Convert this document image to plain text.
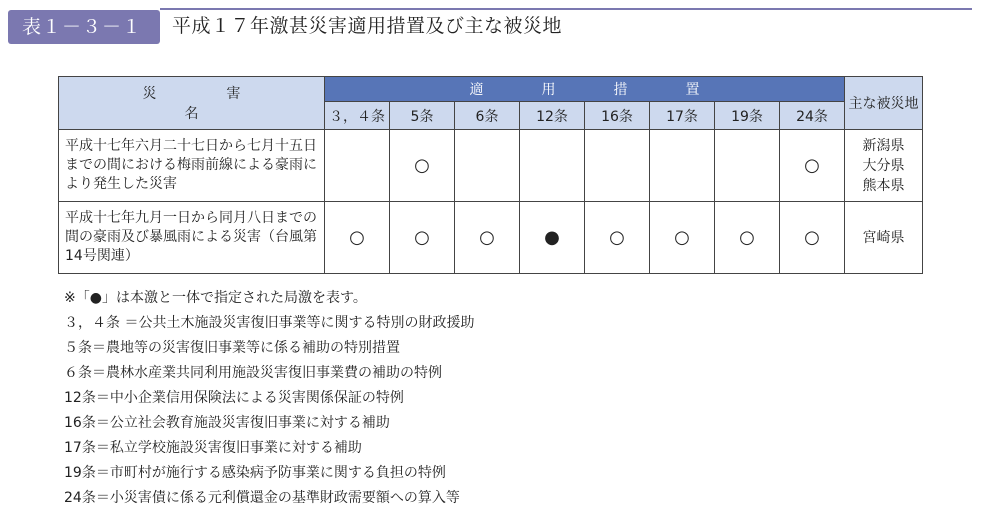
表１－３－１	平成１７年激甚災害適用措置及び主な被災地
災害名	適用措置								主な被災地
	３，４条	5条	6条	12条	16条	17条	19条	24条	
平成十七年六月二十七日から七月十五日までの間における梅雨前線による豪雨により発生した災害		○						○	新潟県
大分県
熊本県
平成十七年九月一日から同月八日までの間の豪雨及び暴風雨による災害（台風第14号関連）	○	○	○	●	○	○	○	○	宮崎県
※「●」は本激と一体で指定された局激を表す。
３，４条 ＝公共土木施設災害復旧事業等に関する特別の財政援助
５条＝農地等の災害復旧事業等に係る補助の特別措置
６条＝農林水産業共同利用施設災害復旧事業費の補助の特例
12条＝中小企業信用保険法による災害関係保証の特例
16条＝公立社会教育施設災害復旧事業に対する補助
17条＝私立学校施設災害復旧事業に対する補助
19条＝市町村が施行する感染病予防事業に関する負担の特例
24条＝小災害債に係る元利償還金の基準財政需要額への算入等
